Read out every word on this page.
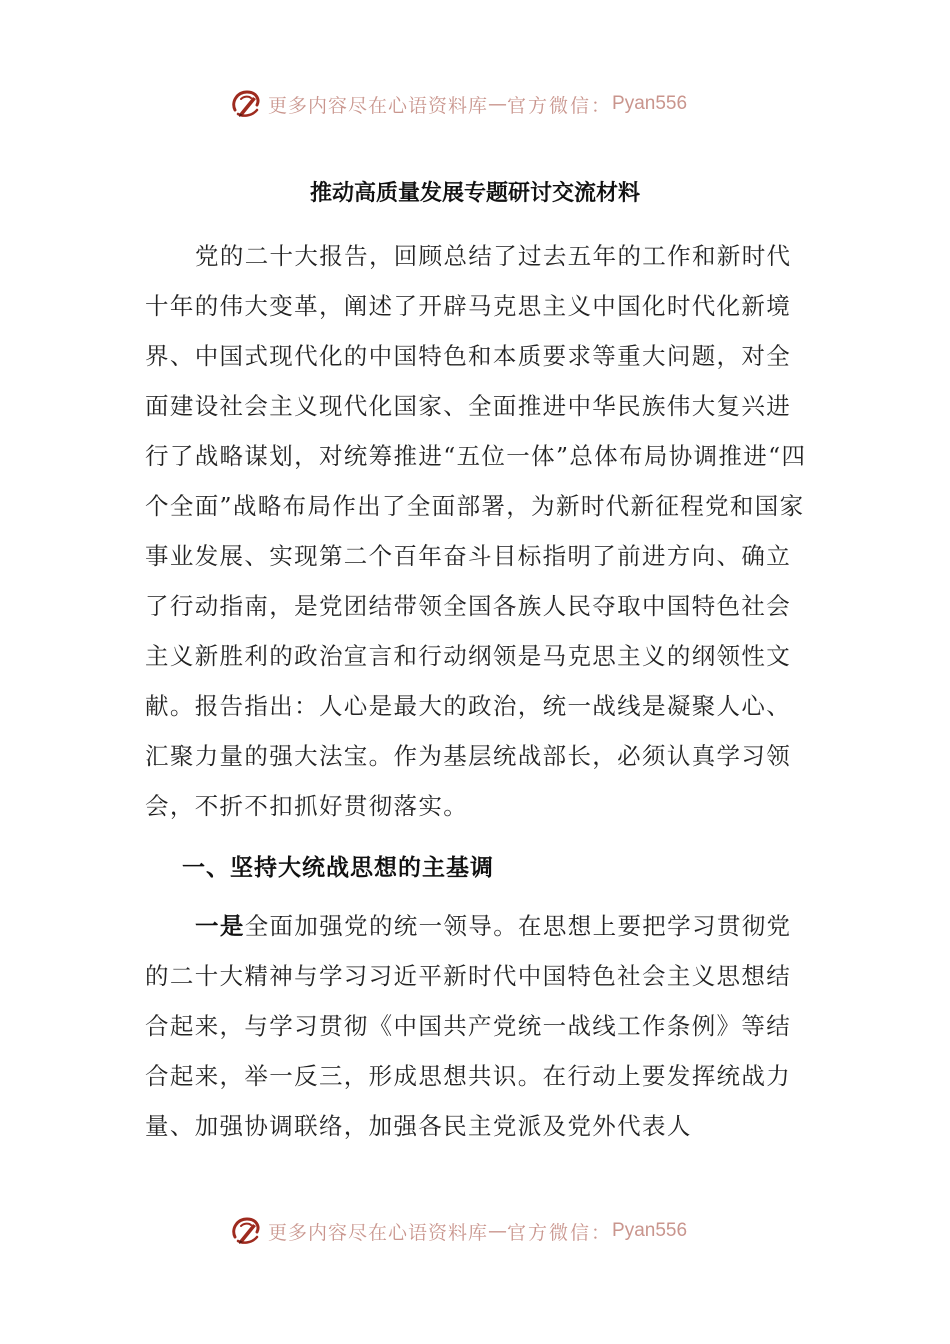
更多内容尽在心语资料库 — 官方微信： Pyan556
推动高质量发展专题研讨交流材料

党的二十大报告，回顾总结了过去五年的工作和新时代十年的伟大变革，阐述了开辟马克思主义中国化时代化新境界、中国式现代化的中国特色和本质要求等重大问题，对全面建设社会主义现代化国家、全面推进中华民族伟大复兴进行了战略谋划，对统筹推进“五位一体”总体布局协调推进“四个全面”战略布局作出了全面部署，为新时代新征程党和国家事业发展、实现第二个百年奋斗目标指明了前进方向、确立了行动指南，是党团结带领全国各族人民夺取中国特色社会主义新胜利的政治宣言和行动纲领是马克思主义的纲领性文献。报告指出：人心是最大的政治，统一战线是凝聚人心、汇聚力量的强大法宝。作为基层统战部长，必须认真学习领会，不折不扣抓好贯彻落实。

一、坚持大统战思想的主基调

一是全面加强党的统一领导。在思想上要把学习贯彻党的二十大精神与学习习近平新时代中国特色社会主义思想结合起来，与学习贯彻《中国共产党统一战线工作条例》等结合起来，举一反三，形成思想共识。在行动上要发挥统战力量、加强协调联络，加强各民主党派及党外代表人

更多内容尽在心语资料库 — 官方微信： Pyan556
